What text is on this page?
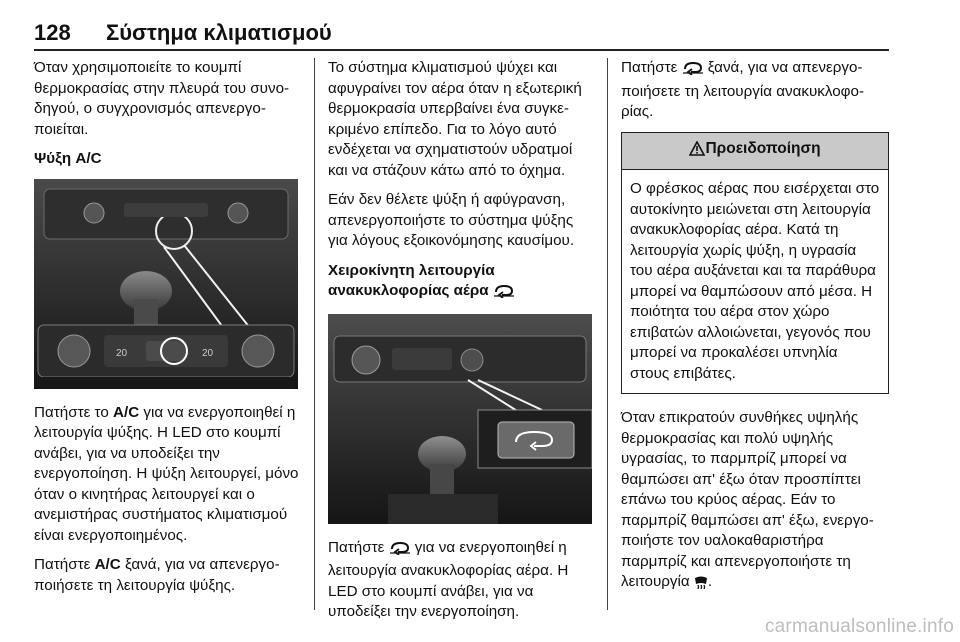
128 Σύστημα κλιματισμού

Όταν χρησιμοποιείτε το κουμπί θερμοκρασίας στην πλευρά του συνοδηγού, ο συγχρονισμός απενεργοποιείται.

Ψύξη A/C
20	20

Πατήστε το A/C για να ενεργοποιηθεί η λειτουργία ψύξης. Η LED στο κουμπί ανάβει, για να υποδείξει την ενεργοποίηση. Η ψύξη λειτουργεί, μόνο όταν ο κινητήρας λειτουργεί και ο ανεμιστήρας συστήματος κλιματισμού είναι ενεργοποιημένος.

Πατήστε A/C ξανά, για να απενεργοποιήσετε τη λειτουργία ψύξης.

Το σύστημα κλιματισμού ψύχει και αφυγραίνει τον αέρα όταν η εξωτερική θερμοκρασία υπερβαίνει ένα συγκεκριμένο επίπεδο. Για το λόγο αυτό ενδέχεται να σχηματιστούν υδρατμοί και να στάζουν κάτω από το όχημα.

Εάν δεν θέλετε ψύξη ή αφύγρανση, απενεργοποιήστε το σύστημα ψύξης για λόγους εξοικονόμησης καυσίμου.

Χειροκίνητη λειτουργία ανακυκλοφορίας αέρα

Πατήστε  για να ενεργοποιηθεί η λειτουργία ανακυκλοφορίας αέρα. Η LED στο κουμπί ανάβει, για να υποδείξει την ενεργοποίηση.

Πατήστε  ξανά, για να απενεργοποιήσετε τη λειτουργία ανακυκλοφορίας.

Προειδοποίηση
Ο φρέσκος αέρας που εισέρχεται στο αυτοκίνητο μειώνεται στη λειτουργία ανακυκλοφορίας αέρα. Κατά τη λειτουργία χωρίς ψύξη, η υγρασία του αέρα αυξάνεται και τα παράθυρα μπορεί να θαμπώσουν από μέσα. Η ποιότητα του αέρα στον χώρο επιβατών αλλοιώνεται, γεγονός που μπορεί να προκαλέσει υπνηλία στους επιβάτες.

Όταν επικρατούν συνθήκες υψηλής θερμοκρασίας και πολύ υψηλής υγρασίας, το παρμπρίζ μπορεί να θαμπώσει απ' έξω όταν προσπίπτει επάνω του κρύος αέρας. Εάν το παρμπρίζ θαμπώσει απ' έξω, ενεργοποιήστε τον υαλοκαθαριστήρα παρμπρίζ και απενεργοποιήστε τη λειτουργία .

carmanualsonline.info
